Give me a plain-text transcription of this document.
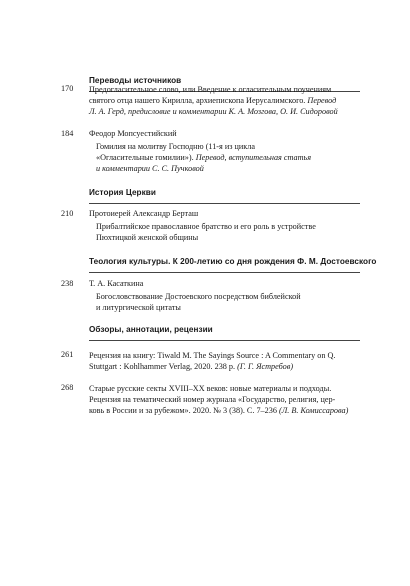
Переводы источников
170 Предогласительное слово, или Введение к огласительным поучениям
святого отца нашего Кирилла, архиепископа Иерусалимского. Перевод
Л. А. Герд, предисловие и комментарии К. А. Мозгова, О. И. Сидоровой
184 Феодор Мопсуестийский
Гомилия на молитву Господню (11-я из цикла
«Огласительные гомилии»). Перевод, вступительная статья
и комментарии С. С. Пучковой
История Церкви
210 Протоиерей Александр Берташ
Прибалтийское православное братство и его роль в устройстве
Пюхтицкой женской общины
Теология культуры. К 200-летию со дня рождения Ф. М. Достоевского
238 Т. А. Касаткина
Богословствование Достоевского посредством библейской
и литургической цитаты
Обзоры, аннотации, рецензии
261 Рецензия на книгу: Tiwald M. The Sayings Source : A Commentary on Q.
Stuttgart : Kohlhammer Verlag, 2020. 238 p. (Г. Г. Ястребов)
268 Старые русские секты XVIII–XX веков: новые материалы и подходы.
Рецензия на тематический номер журнала «Государство, религия, цер-
ковь в России и за рубежом». 2020. № 3 (38). С. 7–236 (Л. В. Комиссарова)
